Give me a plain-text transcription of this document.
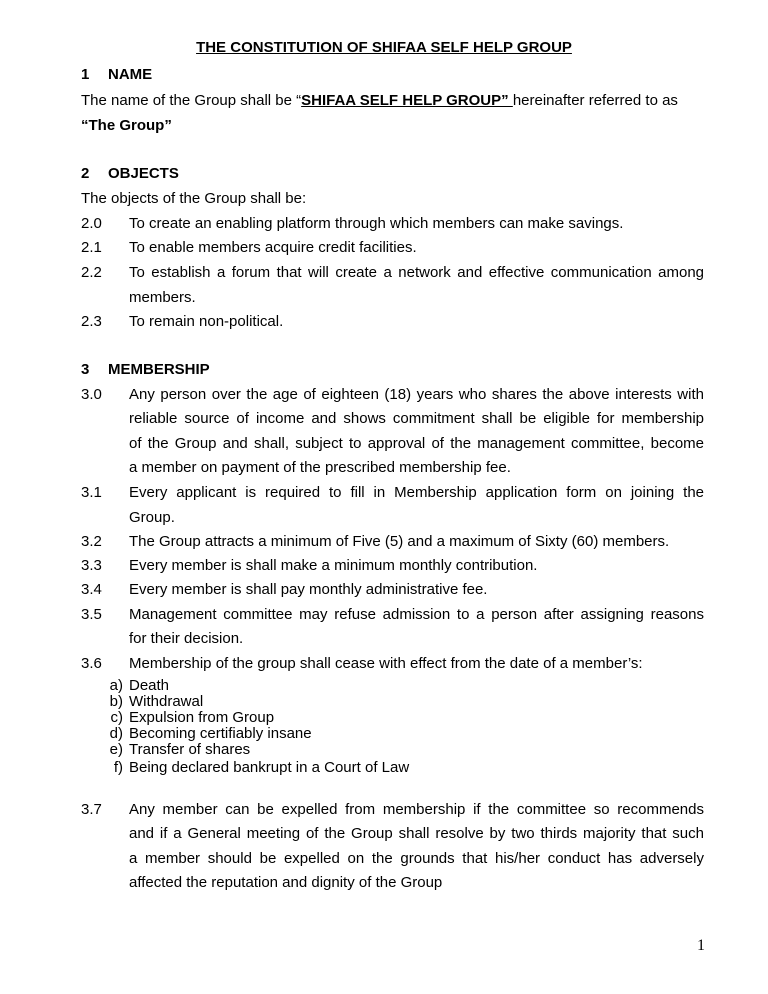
THE CONSTITUTION OF SHIFAA SELF HELP GROUP
1 NAME
The name of the Group shall be “SHIFAA SELF HELP GROUP” hereinafter referred to as
“The Group”
2 OBJECTS
The objects of the Group shall be:
2.0 To create an enabling platform through which members can make savings.
2.1 To enable members acquire credit facilities.
2.2 To establish a forum that will create a network and effective communication among
members.
2.3 To remain non-political.
3 MEMBERSHIP
3.0 Any person over the age of eighteen (18) years who shares the above interests with
reliable source of income and shows commitment shall be eligible for membership
of the Group and shall, subject to approval of the management committee, become
a member on payment of the prescribed membership fee.
3.1 Every applicant is required to fill in Membership application form on joining the
Group.
3.2 The Group attracts a minimum of Five (5) and a maximum of Sixty (60) members.
3.3 Every member is shall make a minimum monthly contribution.
3.4 Every member is shall pay monthly administrative fee.
3.5 Management committee may refuse admission to a person after assigning reasons
for their decision.
3.6 Membership of the group shall cease with effect from the date of a member’s:
a) Death
b) Withdrawal
c) Expulsion from Group
d) Becoming certifiably insane
e) Transfer of shares
f) Being declared bankrupt in a Court of Law
3.7 Any member can be expelled from membership if the committee so recommends
and if a General meeting of the Group shall resolve by two thirds majority that such
a member should be expelled on the grounds that his/her conduct has adversely
affected the reputation and dignity of the Group
1
